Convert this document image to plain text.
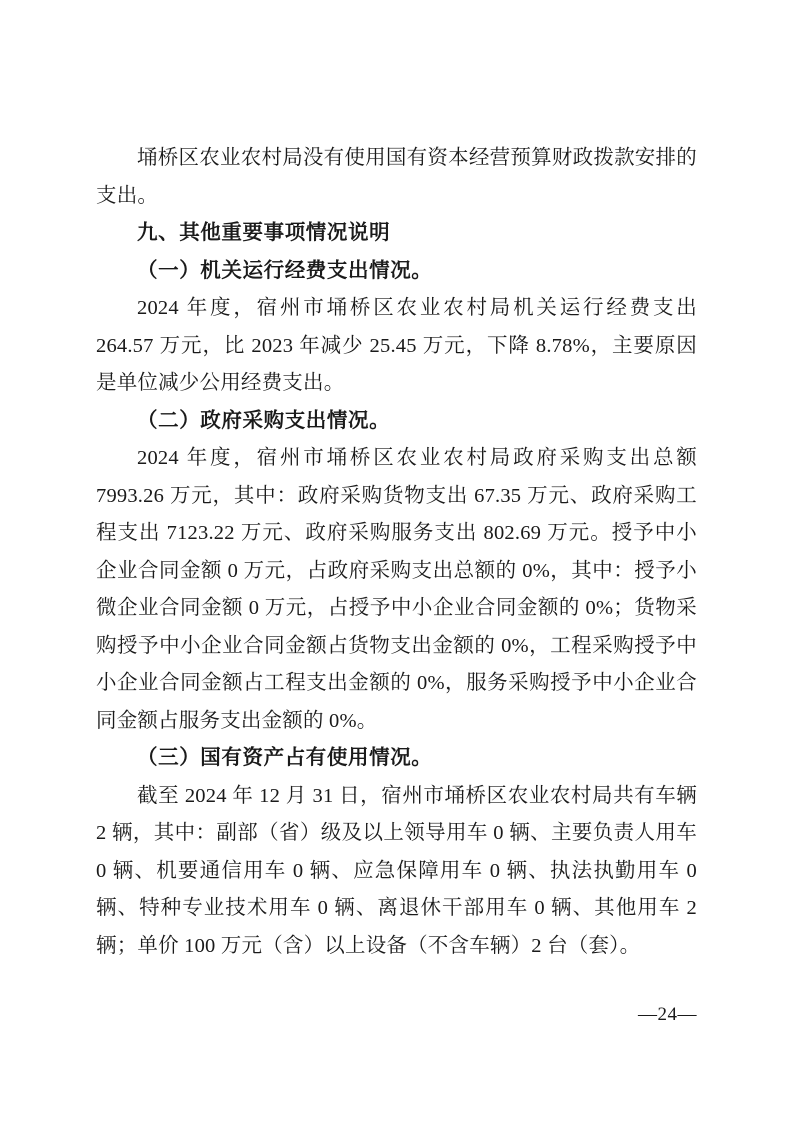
埇桥区农业农村局没有使用国有资本经营预算财政拨款安排的支出。

九、其他重要事项情况说明

（一）机关运行经费支出情况。

2024 年度，宿州市埇桥区农业农村局机关运行经费支出 264.57 万元，比 2023 年减少 25.45 万元，下降 8.78%，主要原因是单位减少公用经费支出。

（二）政府采购支出情况。

2024 年度，宿州市埇桥区农业农村局政府采购支出总额 7993.26 万元，其中：政府采购货物支出 67.35 万元、政府采购工程支出 7123.22 万元、政府采购服务支出 802.69 万元。授予中小企业合同金额 0 万元，占政府采购支出总额的 0%，其中：授予小微企业合同金额 0 万元，占授予中小企业合同金额的 0%；货物采购授予中小企业合同金额占货物支出金额的 0%，工程采购授予中小企业合同金额占工程支出金额的 0%，服务采购授予中小企业合同金额占服务支出金额的 0%。

（三）国有资产占有使用情况。

截至 2024 年 12 月 31 日，宿州市埇桥区农业农村局共有车辆 2 辆，其中：副部（省）级及以上领导用车 0 辆、主要负责人用车 0 辆、机要通信用车 0 辆、应急保障用车 0 辆、执法执勤用车 0 辆、特种专业技术用车 0 辆、离退休干部用车 0 辆、其他用车 2 辆；单价 100 万元（含）以上设备（不含车辆）2 台（套）。

—24—
